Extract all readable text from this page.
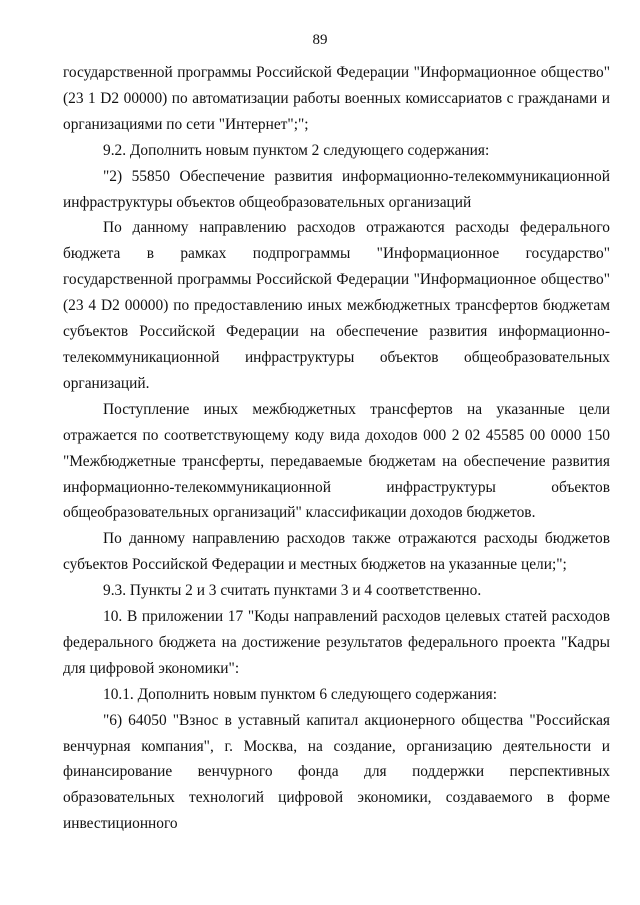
89

государственной программы Российской Федерации "Информационное общество" (23 1 D2 00000) по автоматизации работы военных комиссариатов с гражданами и организациями по сети "Интернет";";

9.2. Дополнить новым пунктом 2 следующего содержания:

"2) 55850 Обеспечение развития информационно-телекоммуникационной инфраструктуры объектов общеобразовательных организаций

По данному направлению расходов отражаются расходы федерального бюджета в рамках подпрограммы "Информационное государство" государственной программы Российской Федерации "Информационное общество" (23 4 D2 00000) по предоставлению иных межбюджетных трансфертов бюджетам субъектов Российской Федерации на обеспечение развития информационно-телекоммуникационной инфраструктуры объектов общеобразовательных организаций.

Поступление иных межбюджетных трансфертов на указанные цели отражается по соответствующему коду вида доходов 000 2 02 45585 00 0000 150 "Межбюджетные трансферты, передаваемые бюджетам на обеспечение развития информационно-телекоммуникационной инфраструктуры объектов общеобразовательных организаций" классификации доходов бюджетов.

По данному направлению расходов также отражаются расходы бюджетов субъектов Российской Федерации и местных бюджетов на указанные цели;";

9.3. Пункты 2 и 3 считать пунктами 3 и 4 соответственно.

10. В приложении 17 "Коды направлений расходов целевых статей расходов федерального бюджета на достижение результатов федерального проекта "Кадры для цифровой экономики":

10.1. Дополнить новым пунктом 6 следующего содержания:

"6) 64050 "Взнос в уставный капитал акционерного общества "Российская венчурная компания", г. Москва, на создание, организацию деятельности и финансирование венчурного фонда для поддержки перспективных образовательных технологий цифровой экономики, создаваемого в форме инвестиционного
